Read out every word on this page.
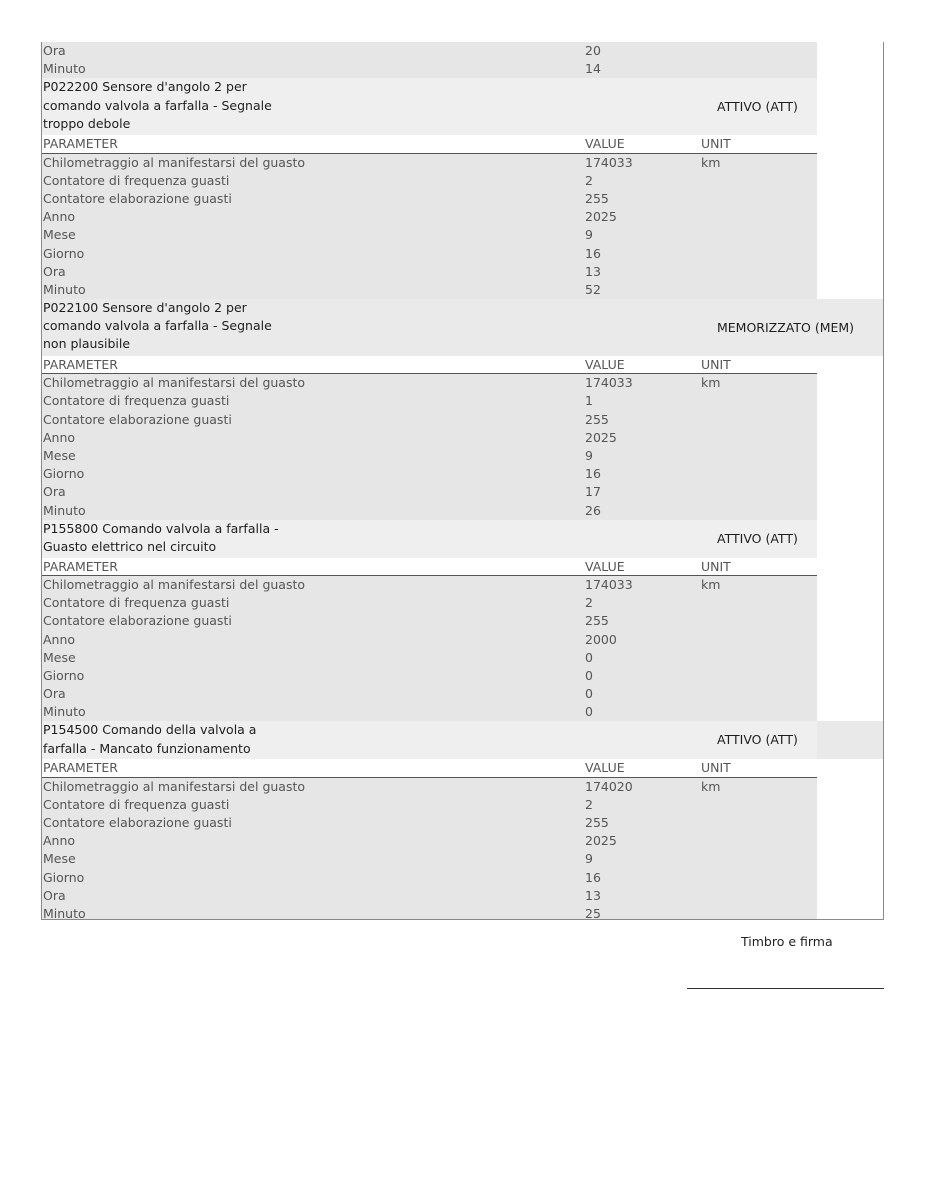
Ora	20
Minuto	14
P022200 Sensore d'angolo 2 per comando valvola a farfalla - Segnale troppo debole
ATTIVO (ATT)
PARAMETER	VALUE	UNIT
Chilometraggio al manifestarsi del guasto	174033	km
Contatore di frequenza guasti	2
Contatore elaborazione guasti	255
Anno	2025
Mese	9
Giorno	16
Ora	13
Minuto	52
P022100 Sensore d'angolo 2 per comando valvola a farfalla - Segnale non plausibile
MEMORIZZATO (MEM)
PARAMETER	VALUE	UNIT
Chilometraggio al manifestarsi del guasto	174033	km
Contatore di frequenza guasti	1
Contatore elaborazione guasti	255
Anno	2025
Mese	9
Giorno	16
Ora	17
Minuto	26
P155800 Comando valvola a farfalla - Guasto elettrico nel circuito
ATTIVO (ATT)
PARAMETER	VALUE	UNIT
Chilometraggio al manifestarsi del guasto	174033	km
Contatore di frequenza guasti	2
Contatore elaborazione guasti	255
Anno	2000
Mese	0
Giorno	0
Ora	0
Minuto	0
P154500 Comando della valvola a farfalla - Mancato funzionamento
ATTIVO (ATT)
PARAMETER	VALUE	UNIT
Chilometraggio al manifestarsi del guasto	174020	km
Contatore di frequenza guasti	2
Contatore elaborazione guasti	255
Anno	2025
Mese	9
Giorno	16
Ora	13
Minuto	25
Timbro e firma
